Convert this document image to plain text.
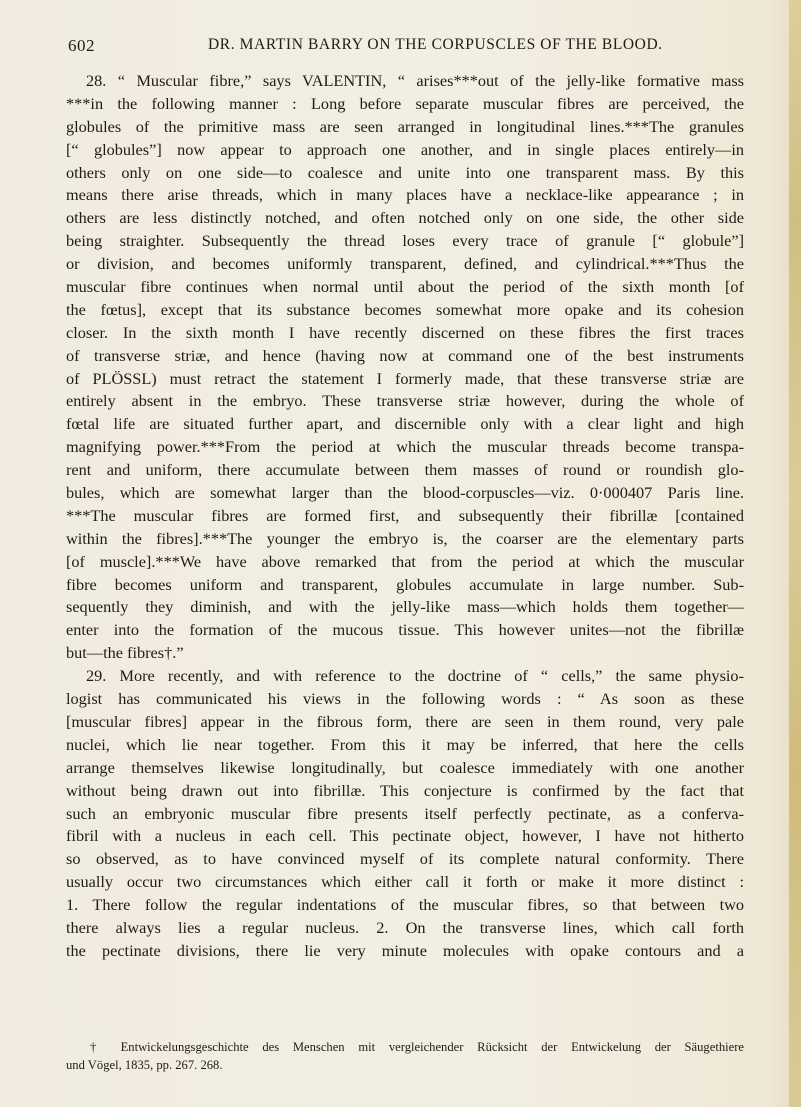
602	DR. MARTIN BARRY ON THE CORPUSCLES OF THE BLOOD.
28. “ Muscular fibre,” says VALENTIN, “ arises***out of the jelly-like formative mass
***in the following manner : Long before separate muscular fibres are perceived, the
globules of the primitive mass are seen arranged in longitudinal lines.***The granules
[“ globules”] now appear to approach one another, and in single places entirely—in
others only on one side—to coalesce and unite into one transparent mass. By this
means there arise threads, which in many places have a necklace-like appearance ; in
others are less distinctly notched, and often notched only on one side, the other side
being straighter. Subsequently the thread loses every trace of granule [“ globule”]
or division, and becomes uniformly transparent, defined, and cylindrical.***Thus the
muscular fibre continues when normal until about the period of the sixth month [of
the fœtus], except that its substance becomes somewhat more opake and its cohesion
closer. In the sixth month I have recently discerned on these fibres the first traces
of transverse striæ, and hence (having now at command one of the best instruments
of PLÖSSL) must retract the statement I formerly made, that these transverse striæ are
entirely absent in the embryo. These transverse striæ however, during the whole of
fœtal life are situated further apart, and discernible only with a clear light and high
magnifying power.***From the period at which the muscular threads become transpa-
rent and uniform, there accumulate between them masses of round or roundish glo-
bules, which are somewhat larger than the blood-corpuscles—viz. 0·000407 Paris line.
***The muscular fibres are formed first, and subsequently their fibrillæ [contained
within the fibres].***The younger the embryo is, the coarser are the elementary parts
[of muscle].***We have above remarked that from the period at which the muscular
fibre becomes uniform and transparent, globules accumulate in large number. Sub-
sequently they diminish, and with the jelly-like mass—which holds them together—
enter into the formation of the mucous tissue. This however unites—not the fibrillæ
but—the fibres†.”
29. More recently, and with reference to the doctrine of “ cells,” the same physio-
logist has communicated his views in the following words : “ As soon as these
[muscular fibres] appear in the fibrous form, there are seen in them round, very pale
nuclei, which lie near together. From this it may be inferred, that here the cells
arrange themselves likewise longitudinally, but coalesce immediately with one another
without being drawn out into fibrillæ. This conjecture is confirmed by the fact that
such an embryonic muscular fibre presents itself perfectly pectinate, as a conferva-
fibril with a nucleus in each cell. This pectinate object, however, I have not hitherto
so observed, as to have convinced myself of its complete natural conformity. There
usually occur two circumstances which either call it forth or make it more distinct :
1. There follow the regular indentations of the muscular fibres, so that between two
there always lies a regular nucleus. 2. On the transverse lines, which call forth
the pectinate divisions, there lie very minute molecules with opake contours and a
† Entwickelungsgeschichte des Menschen mit vergleichender Rücksicht der Entwickelung der Säugethiere
und Vögel, 1835, pp. 267. 268.
